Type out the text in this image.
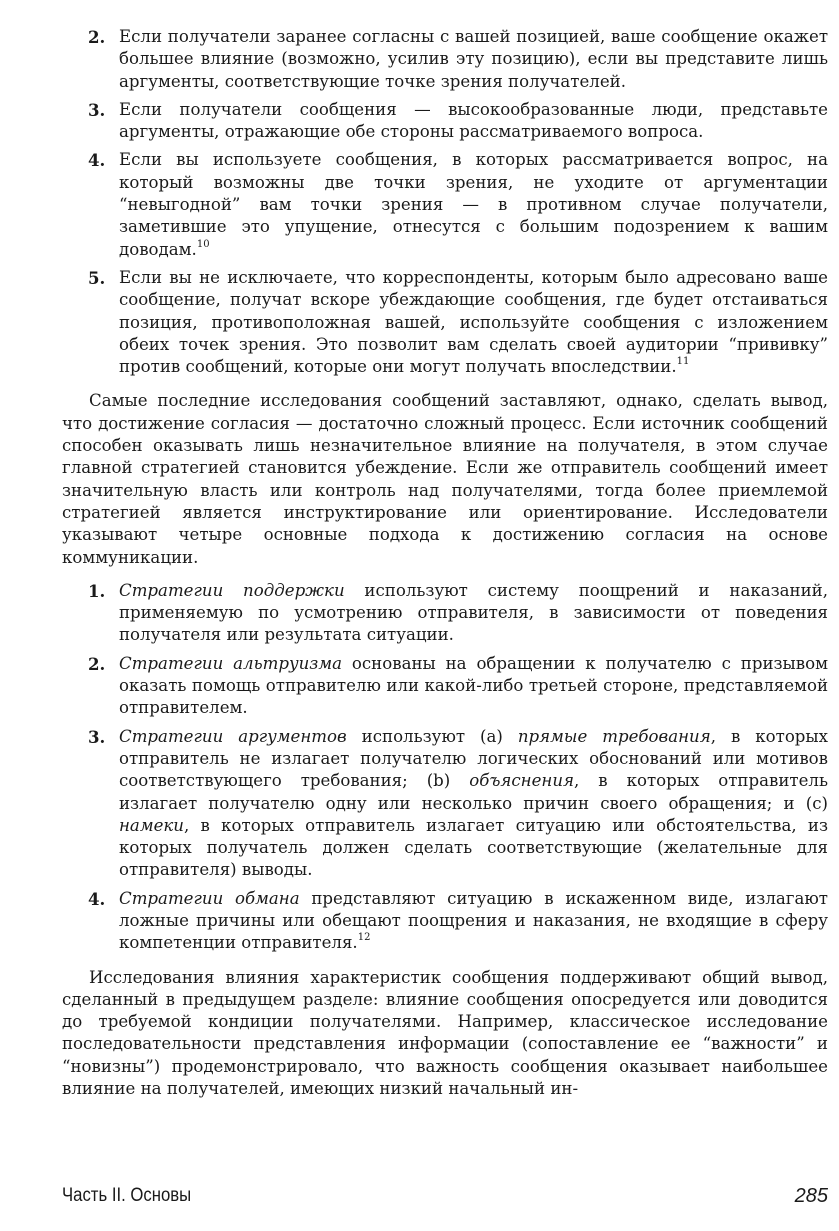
2. Если получатели заранее согласны с вашей позицией, ваше сообщение окажет большее влияние (возможно, усилив эту позицию), если вы представите лишь аргументы, соответствующие точке зрения получателей.
3. Если получатели сообщения — высокообразованные люди, представьте аргументы, отражающие обе стороны рассматриваемого вопроса.
4. Если вы используете сообщения, в которых рассматривается вопрос, на который возможны две точки зрения, не уходите от аргументации “невыгодной” вам точки зрения — в противном случае получатели, заметившие это упущение, отнесутся с большим подозрением к вашим доводам.$^{10}$
5. Если вы не исключаете, что корреспонденты, которым было адресовано ваше сообщение, получат вскоре убеждающие сообщения, где будет отстаиваться позиция, противоположная вашей, используйте сообщения с изложением обеих точек зрения. Это позволит вам сделать своей аудитории “прививку” против сообщений, которые они могут получать впоследствии.$^{11}$

Самые последние исследования сообщений заставляют, однако, сделать вывод, что достижение согласия — достаточно сложный процесс. Если источник сообщений способен оказывать лишь незначительное влияние на получателя, в этом случае главной стратегией становится убеждение. Если же отправитель сообщений имеет значительную власть или контроль над получателями, тогда более приемлемой стратегией является инструктирование или ориентирование. Исследователи указывают четыре основные подхода к достижению согласия на основе коммуникации.

1. Стратегии поддержки используют систему поощрений и наказаний, применяемую по усмотрению отправителя, в зависимости от поведения получателя или результата ситуации.
2. Стратегии альтруизма основаны на обращении к получателю с призывом оказать помощь отправителю или какой-либо третьей стороне, представляемой отправителем.
3. Стратегии аргументов используют (а) прямые требования, в которых отправитель не излагает получателю логических обоснований или мотивов соответствующего требования; (b) объяснения, в которых отправитель излагает получателю одну или несколько причин своего обращения; и (с) намеки, в которых отправитель излагает ситуацию или обстоятельства, из которых получатель должен сделать соответствующие (желательные для отправителя) выводы.
4. Стратегии обмана представляют ситуацию в искаженном виде, излагают ложные причины или обещают поощрения и наказания, не входящие в сферу компетенции отправителя.$^{12}$

Исследования влияния характеристик сообщения поддерживают общий вывод, сделанный в предыдущем разделе: влияние сообщения опосредуется или доводится до требуемой кондиции получателями. Например, классическое исследование последовательности представления информации (сопоставление ее “важности” и “новизны”) продемонстрировало, что важность сообщения оказывает наибольшее влияние на получателей, имеющих низкий начальный ин-

Часть II. Основы	285
